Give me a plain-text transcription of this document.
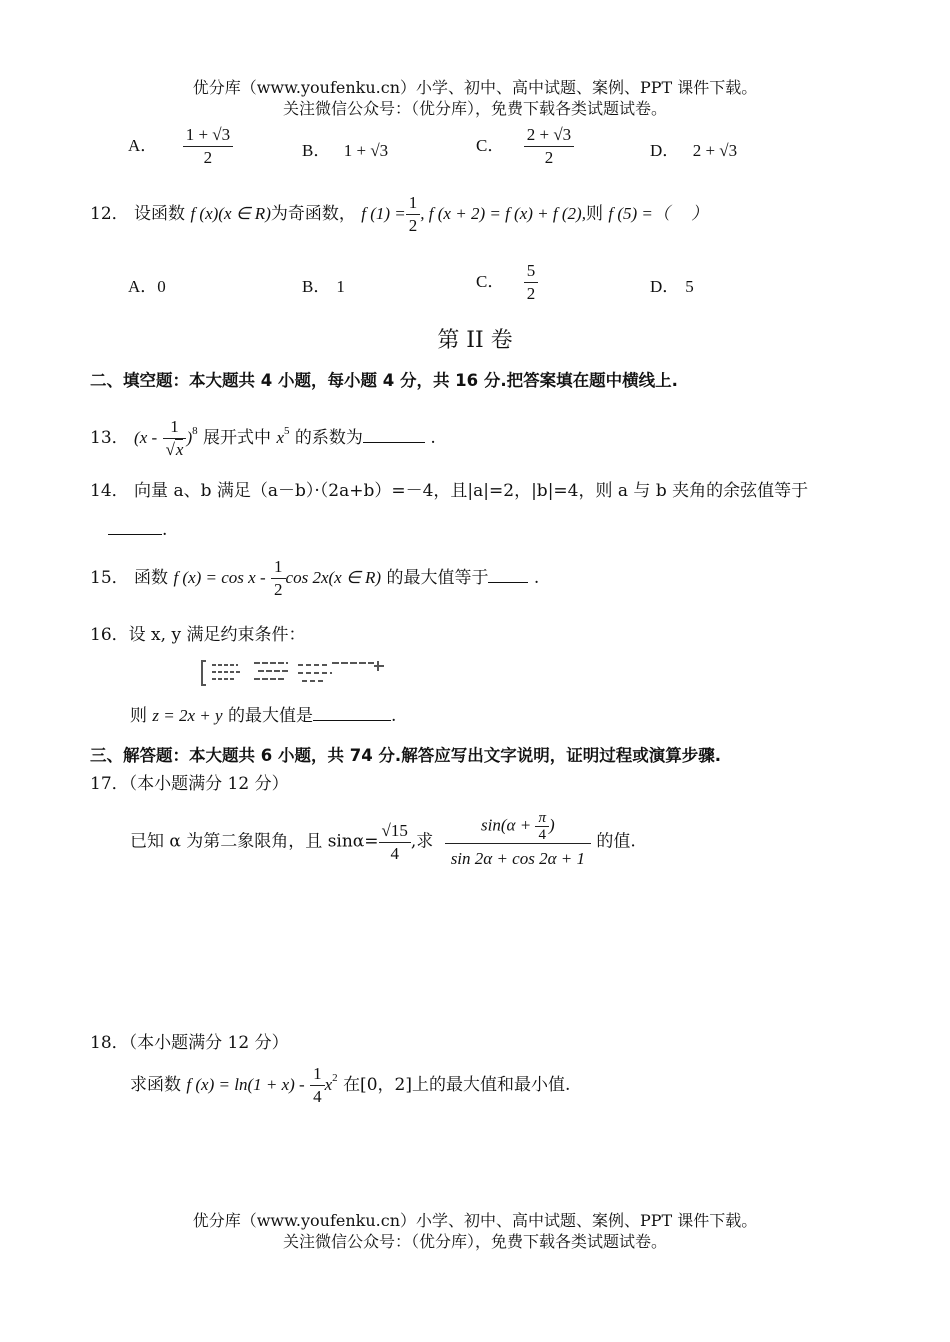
优分库（www.youfenku.cn）小学、初中、高中试题、案例、PPT 课件下载。
关注微信公众号：（优分库），免费下载各类试题试卷。
A． $\frac{1 + √3}{2}$	B． 1 + √3	C． $\frac{2 + √3}{2}$	D． 2 + √3
12． 设函数 f (x)(x ∈ R)为奇函数， f $(1) = \frac{1}{2}$ , f (x + 2) = f (x) + f (2),则 f (5) =（　 ）
A．0	B． 1	C． $\frac{5}{2}$	D． 5
第 II 卷
二、填空题：本大题共 4 小题，每小题 4 分，共 16 分.把答案填在题中横线上.
13． $(x - \frac{1}{√x} )^8$ 展开式中 $x^5$ 的系数为	.
14． 向量 a、b 满足（a－b）·（2a+b）=－4，且|a|=2，|b|=4，则 a 与 b 夹角的余弦值等于
.
15． 函数 f $(x) = \cos x - \frac{1}{2}$ cos 2x(x ∈ R) 的最大值等于	.
16．设 x, y 满足约束条件：
则 z = 2x + y 的最大值是	.
三、解答题：本大题共 6 小题，共 74 分.解答应写出文字说明，证明过程或演算步骤.
17．（本小题满分 12 分）
已知 α 为第二象限角，且 $\sin\alpha= \frac{√15}{4}$ ,求 $\frac{\sin(\alpha + \frac{\pi}{4} )}{\sin 2\alpha + \cos 2\alpha + 1}$ 的值.
18．（本小题满分 12 分）
求函数 f $(x) = \ln(1 + x) - \frac{1}{4} x^2$ 在[0，2]上的最大值和最小值.
优分库（www.youfenku.cn）小学、初中、高中试题、案例、PPT 课件下载。
关注微信公众号：（优分库），免费下载各类试题试卷。
